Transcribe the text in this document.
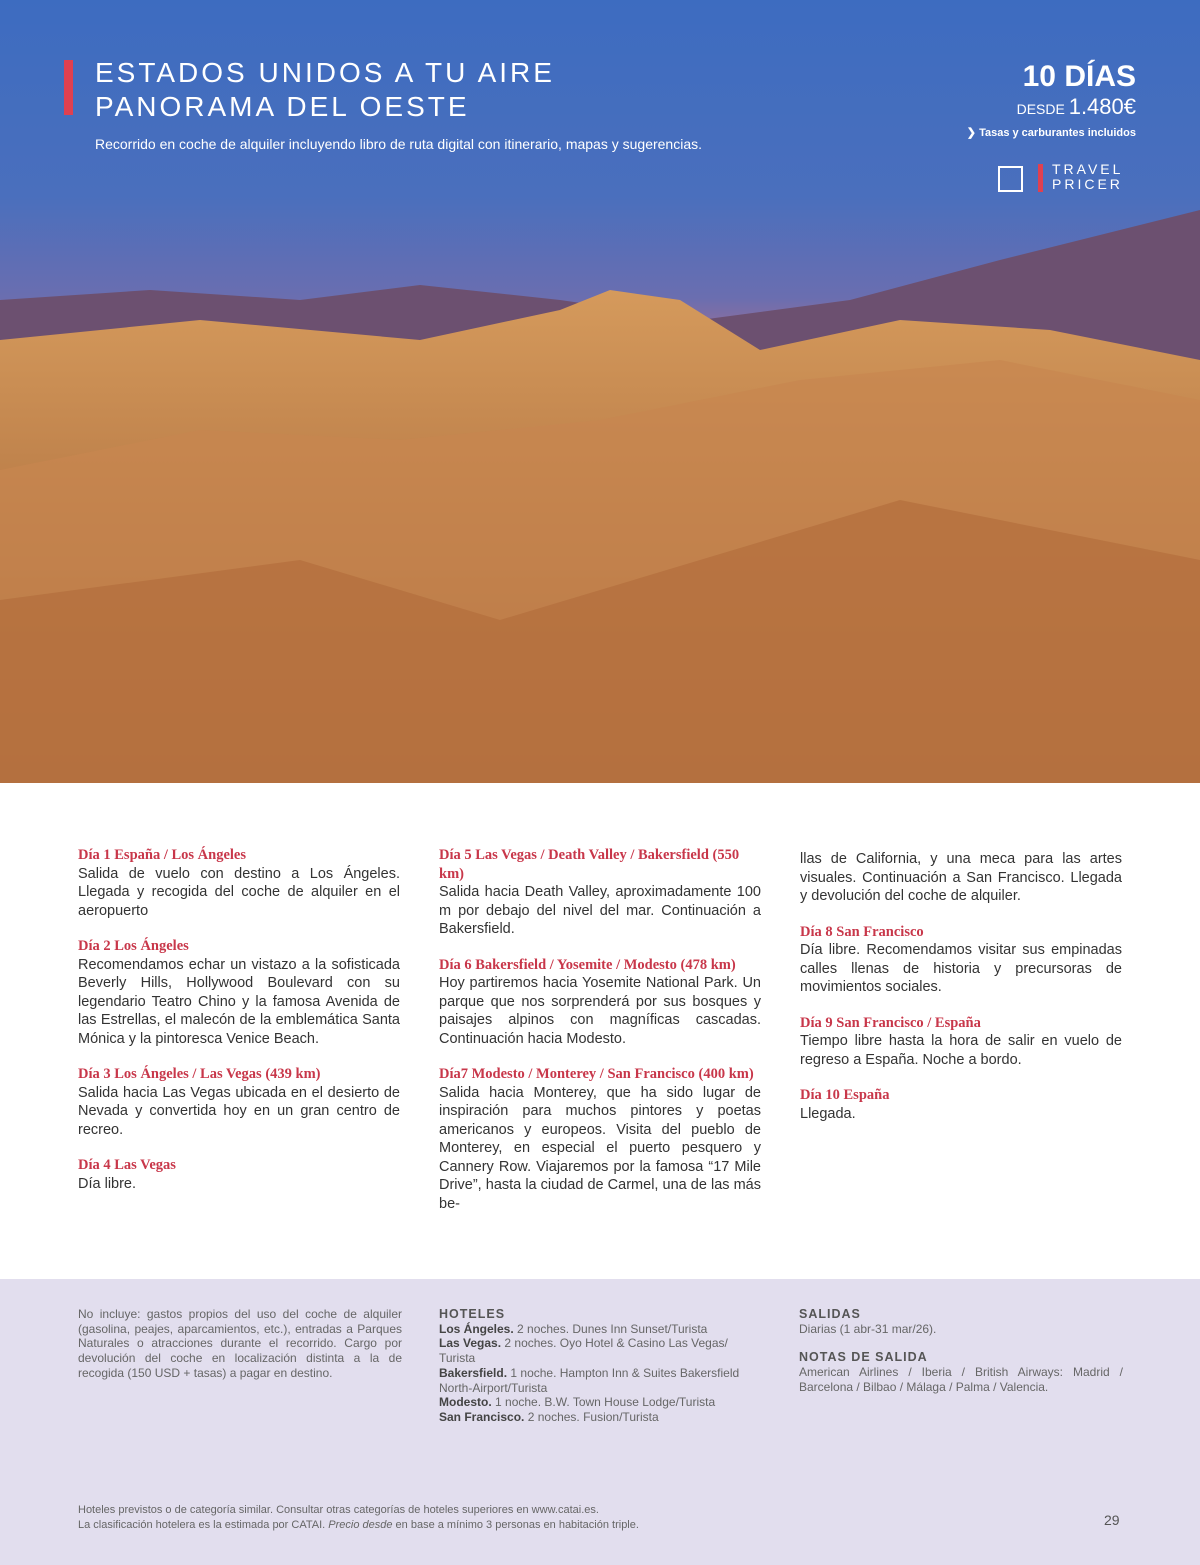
ESTADOS UNIDOS A TU AIRE
PANORAMA DEL OESTE
Recorrido en coche de alquiler incluyendo libro de ruta digital con itinerario, mapas y sugerencias.
10 DÍAS
DESDE 1.480€
❯ Tasas y carburantes incluidos
TRAVEL
PRICER
Día 1 España / Los Ángeles

Salida de vuelo con destino a Los Ángeles. Llegada y recogida del coche de alquiler en el aeropuerto

Día 2 Los Ángeles

Recomendamos echar un vistazo a la sofisticada Beverly Hills, Hollywood Boulevard con su legendario Teatro Chino y la famosa Avenida de las Estrellas, el malecón de la emblemática Santa Mónica y la pintoresca Venice Beach.

Día 3 Los Ángeles / Las Vegas (439 km)

Salida hacia Las Vegas ubicada en el desierto de Nevada y convertida hoy en un gran centro de recreo.

Día 4 Las Vegas

Día libre.

Día 5 Las Vegas / Death Valley / Bakersfield (550 km)

Salida hacia Death Valley, aproximadamente 100 m por debajo del nivel del mar. Continuación a Bakersfield.

Día 6 Bakersfield / Yosemite / Modesto (478 km)

Hoy partiremos hacia Yosemite National Park. Un parque que nos sorprenderá por sus bosques y paisajes alpinos con magníficas cascadas. Continuación hacia Modesto.

Día7 Modesto / Monterey / San Francisco (400 km)

Salida hacia Monterey, que ha sido lugar de inspiración para muchos pintores y poetas americanos y europeos. Visita del pueblo de Monterey, en especial el puerto pesquero y Cannery Row. Viajaremos por la famosa “17 Mile Drive”, hasta la ciudad de Carmel, una de las más be-

llas de California, y una meca para las artes visuales. Continuación a San Francisco. Llegada y devolución del coche de alquiler.

Día 8 San Francisco

Día libre. Recomendamos visitar sus empinadas calles llenas de historia y precursoras de movimientos sociales.

Día 9 San Francisco / España

Tiempo libre hasta la hora de salir en vuelo de regreso a España. Noche a bordo.

Día 10 España

Llegada.

No incluye: gastos propios del uso del coche de alquiler (gasolina, peajes, aparcamientos, etc.), entradas a Parques Naturales o atracciones durante el recorrido. Cargo por devolución del coche en localización distinta a la de recogida (150 USD + tasas) a pagar en destino.
HOTELES
Los Ángeles. 2 noches. Dunes Inn Sunset/Turista
Las Vegas. 2 noches. Oyo Hotel & Casino Las Vegas/ Turista
Bakersfield. 1 noche. Hampton Inn & Suites Bakersfield North-Airport/Turista
Modesto. 1 noche. B.W. Town House Lodge/Turista
San Francisco. 2 noches. Fusion/Turista
SALIDAS
Diarias (1 abr-31 mar/26).
NOTAS DE SALIDA
American Airlines / Iberia / British Airways: Madrid / Barcelona / Bilbao / Málaga / Palma / Valencia.
Hoteles previstos o de categoría similar. Consultar otras categorías de hoteles superiores en www.catai.es.
La clasificación hotelera es la estimada por CATAI. Precio desde en base a mínimo 3 personas en habitación triple.	29
